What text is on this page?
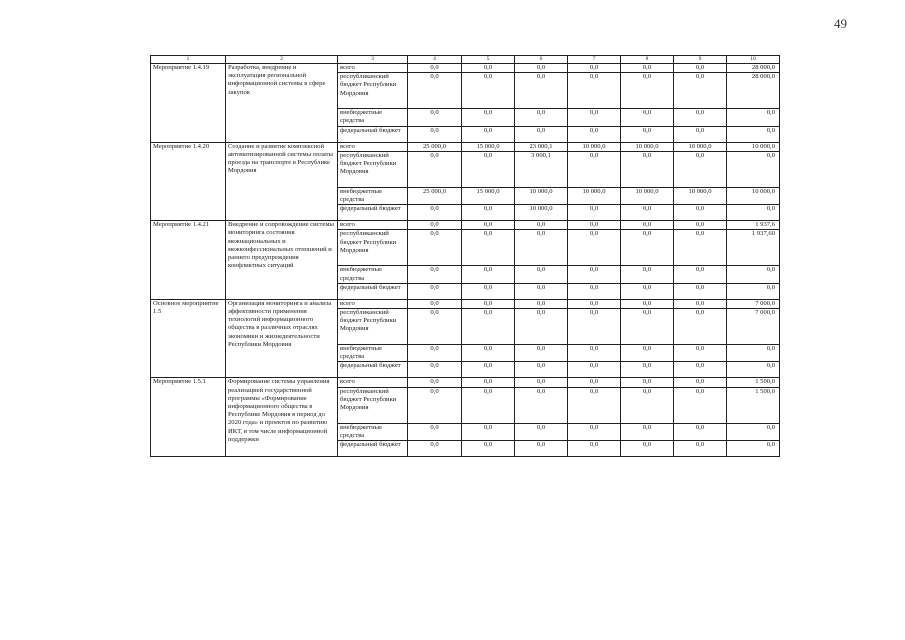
49
1	2	3	4	5	6	7	8	9	10
Мероприятие 1.4.19	Разработка, внедрение и эксплуатация региональной информационной системы в сфере закупок	всего	0,0	0,0	0,0	0,0	0,0	0,0	28 000,0
		республиканский бюджет Республики Мордовия	0,0	0,0	0,0	0,0	0,0	0,0	28 000,0
		внебюджетные средства	0,0	0,0	0,0	0,0	0,0	0,0	0,0
		федеральный бюджет	0,0	0,0	0,0	0,0	0,0	0,0	0,0
Мероприятие 1.4.20	Создание и развитие комплексной автоматизированной системы оплаты проезда на транспорте в Республике Мордовия	всего	25 000,0	15 000,0	23 000,1	10 000,0	10 000,0	10 000,0	10 000,0
		республиканский бюджет Республики Мордовия	0,0	0,0	3 000,1	0,0	0,0	0,0	0,0
		внебюджетные средства	25 000,0	15 000,0	10 000,0	10 000,0	10 000,0	10 000,0	10 000,0
		федеральный бюджет	0,0	0,0	10 000,0	0,0	0,0	0,0	0,0
Мероприятие 1.4.21	Внедрение и сопровождение системы мониторинга состояния межнациональных и межконфессиональных отношений и раннего предупреждения конфликтных ситуаций	всего	0,0	0,0	0,0	0,0	0,0	0,0	1 937,6
		республиканский бюджет Республики Мордовия	0,0	0,0	0,0	0,0	0,0	0,0	1 937,60
		внебюджетные средства	0,0	0,0	0,0	0,0	0,0	0,0	0,0
		федеральный бюджет	0,0	0,0	0,0	0,0	0,0	0,0	0,0
Основное мероприятие 1.5	Организация мониторинга и анализа эффективности применения технологий информационного общества в различных отраслях экономики и жизнедеятельности Республики Мордовия	всего	0,0	0,0	0,0	0,0	0,0	0,0	7 000,0
		республиканский бюджет Республики Мордовия	0,0	0,0	0,0	0,0	0,0	0,0	7 000,0
		внебюджетные средства	0,0	0,0	0,0	0,0	0,0	0,0	0,0
		федеральный бюджет	0,0	0,0	0,0	0,0	0,0	0,0	0,0
Мероприятие 1.5.1	Формирование системы управления реализацией государственной программы «Формирование информационного общества в Республике Мордовия в период до 2020 года» и проектов по развитию ИКТ, в том числе информационной поддержки	всего	0,0	0,0	0,0	0,0	0,0	0,0	1 500,0
		республиканский бюджет Республики Мордовия	0,0	0,0	0,0	0,0	0,0	0,0	1 500,0
		внебюджетные средства	0,0	0,0	0,0	0,0	0,0	0,0	0,0
		федеральный бюджет	0,0	0,0	0,0	0,0	0,0	0,0	0,0
